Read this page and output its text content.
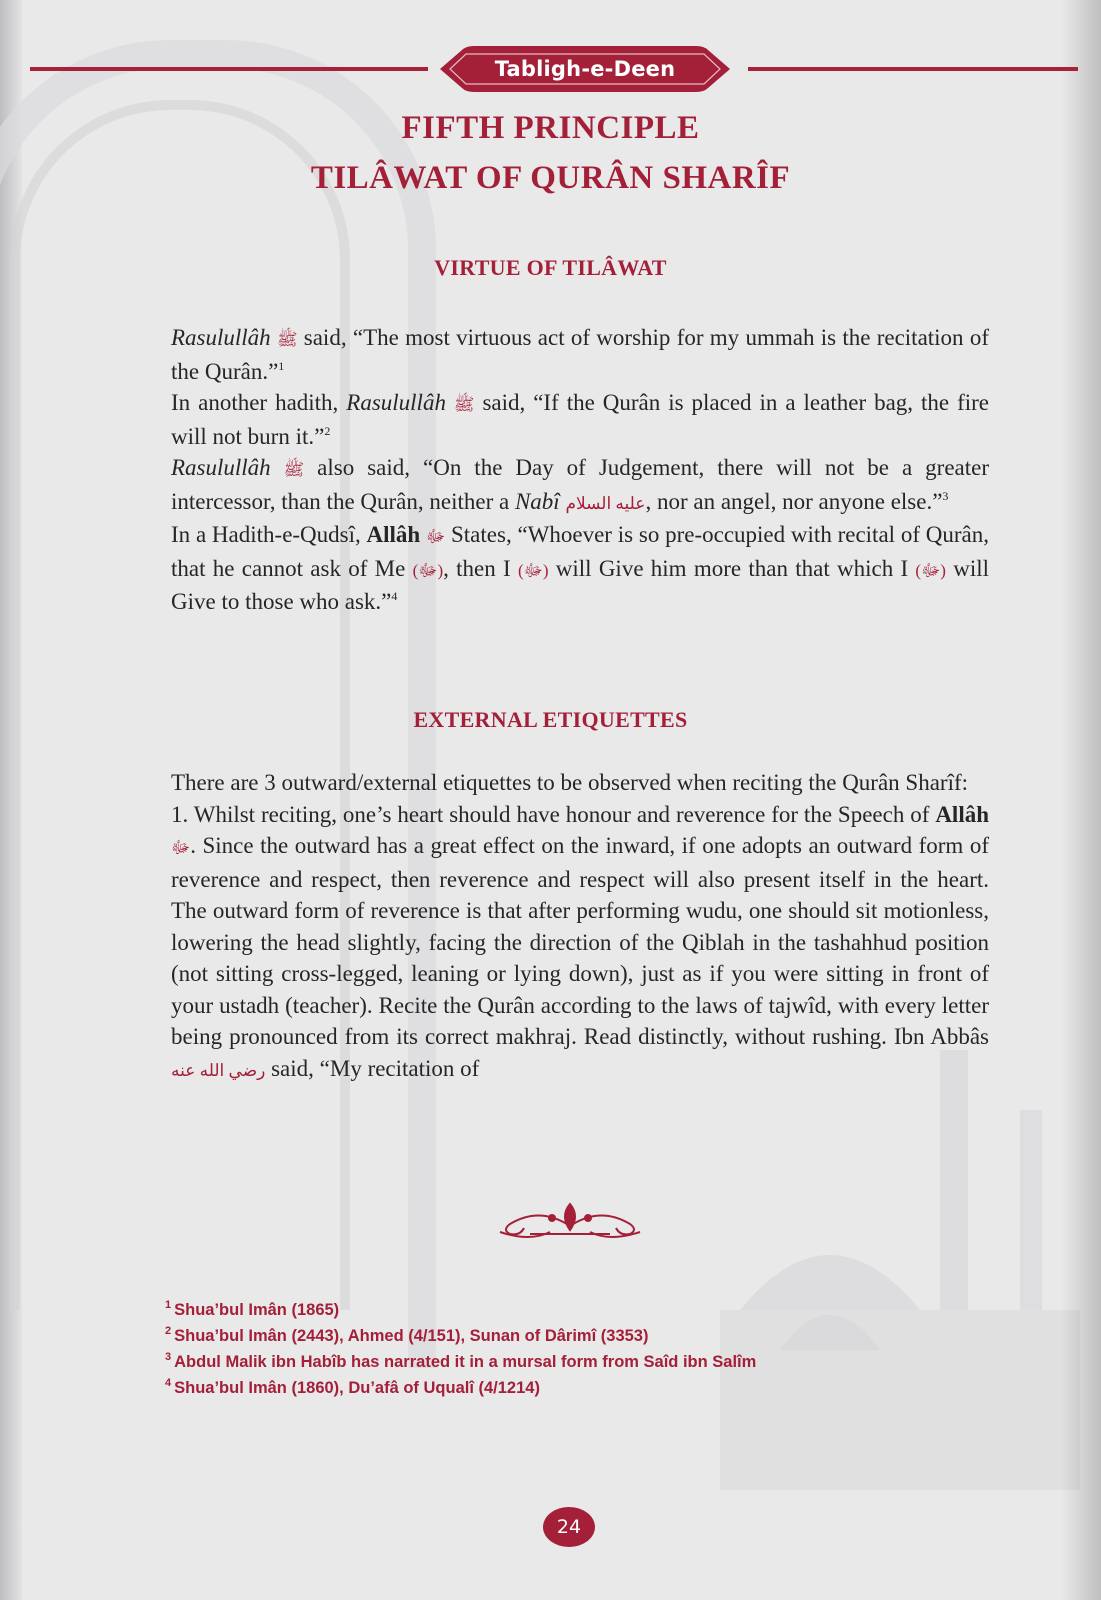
Tabligh-e-Deen
FIFTH PRINCIPLE
TILÂWAT OF QURÂN SHARÎF
VIRTUE OF TILÂWAT

Rasulullâh ﷺ said, “The most virtuous act of worship for my ummah is the recitation of the Qurân.”$^1$

In another hadith, Rasulullâh ﷺ said, “If the Qurân is placed in a leather bag, the fire will not burn it.”$^2$

Rasulullâh ﷺ also said, “On the Day of Judgement, there will not be a greater intercessor, than the Qurân, neither a Nabî عليه السلام, nor an angel, nor anyone else.”$^3$

In a Hadith-e-Qudsî, Allâh ﷻ States, “Whoever is so pre-occupied with recital of Qurân, that he cannot ask of Me (ﷻ), then I (ﷻ) will Give him more than that which I (ﷻ) will Give to those who ask.”$^4$

EXTERNAL ETIQUETTES

There are 3 outward/external etiquettes to be observed when reciting the Qurân Sharîf:

1. Whilst reciting, one’s heart should have honour and reverence for the Speech of Allâh ﷻ. Since the outward has a great effect on the inward, if one adopts an outward form of reverence and respect, then reverence and respect will also present itself in the heart. The outward form of reverence is that after performing wudu, one should sit motionless, lowering the head slightly, facing the direction of the Qiblah in the tashahhud position (not sitting cross-legged, leaning or lying down), just as if you were sitting in front of your ustadh (teacher). Recite the Qurân according to the laws of tajwîd, with every letter being pronounced from its correct makhraj. Read distinctly, without rushing. Ibn Abbâs رضي الله عنه said, “My recitation of

$^1$ Shua’bul Imân (1865)
$^2$ Shua’bul Imân (2443), Ahmed (4/151), Sunan of Dârimî (3353)
$^3$ Abdul Malik ibn Habîb has narrated it in a mursal form from Saîd ibn Salîm
$^4$ Shua’bul Imân (1860), Du’afâ of Uqualî (4/1214)
24
